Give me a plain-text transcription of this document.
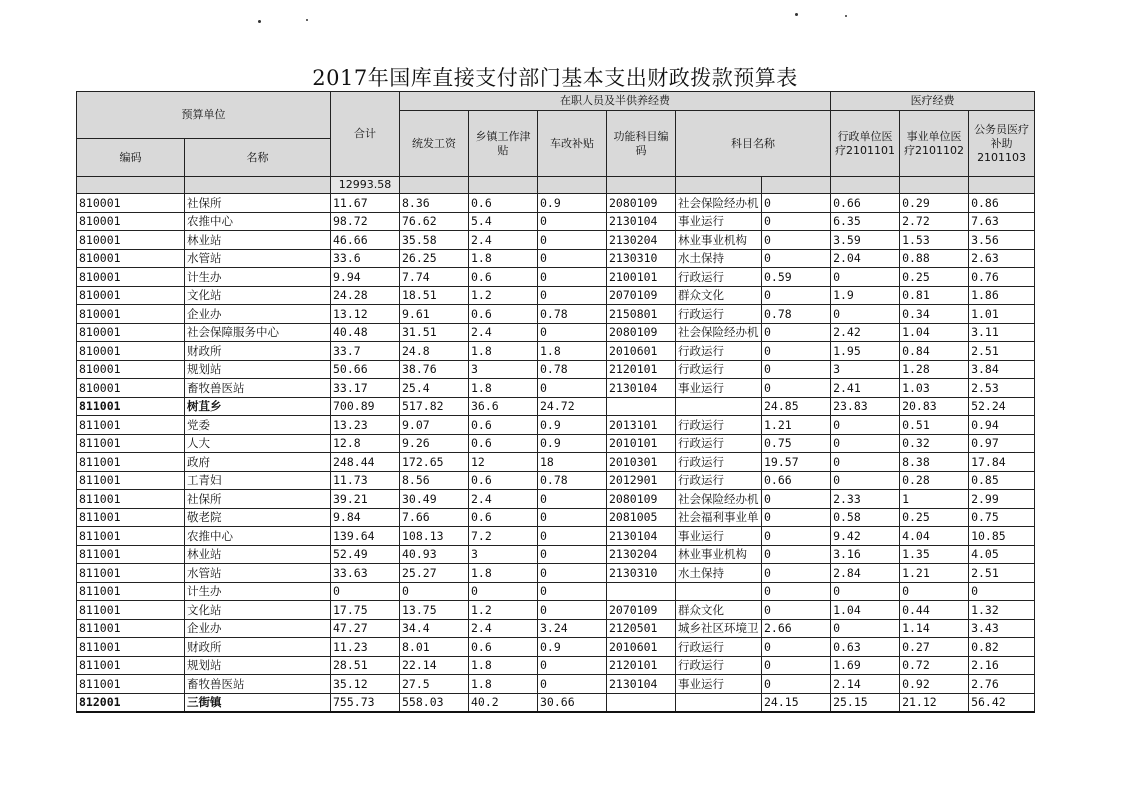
2017年国库直接支付部门基本支出财政拨款预算表
预算单位		合计	在职人员及半供养经费						医疗经费	
			统发工资	乡镇工作津贴	车改补贴	功能科目编码	科目名称		行政单位医疗2101101	事业单位医疗2101102	公务员医疗补助2101103	
编码	名称											
		12993.58										
810001	社保所	11.67	8.36	0.6	0.9	2080109	社会保险经办机	0	0.66	0.29	0.86	
810001	农推中心	98.72	76.62	5.4	0	2130104	事业运行	0	6.35	2.72	7.63	
810001	林业站	46.66	35.58	2.4	0	2130204	林业事业机构	0	3.59	1.53	3.56	
810001	水管站	33.6	26.25	1.8	0	2130310	水土保持	0	2.04	0.88	2.63	
810001	计生办	9.94	7.74	0.6	0	2100101	行政运行	0.59	0	0.25	0.76	
810001	文化站	24.28	18.51	1.2	0	2070109	群众文化	0	1.9	0.81	1.86	
810001	企业办	13.12	9.61	0.6	0.78	2150801	行政运行	0.78	0	0.34	1.01	
810001	社会保障服务中心	40.48	31.51	2.4	0	2080109	社会保险经办机	0	2.42	1.04	3.11	
810001	财政所	33.7	24.8	1.8	1.8	2010601	行政运行	0	1.95	0.84	2.51	
810001	规划站	50.66	38.76	3	0.78	2120101	行政运行	0	3	1.28	3.84	
810001	畜牧兽医站	33.17	25.4	1.8	0	2130104	事业运行	0	2.41	1.03	2.53	
811001	树苴乡	700.89	517.82	36.6	24.72			24.85	23.83	20.83	52.24	
811001	党委	13.23	9.07	0.6	0.9	2013101	行政运行	1.21	0	0.51	0.94	
811001	人大	12.8	9.26	0.6	0.9	2010101	行政运行	0.75	0	0.32	0.97	
811001	政府	248.44	172.65	12	18	2010301	行政运行	19.57	0	8.38	17.84	
811001	工青妇	11.73	8.56	0.6	0.78	2012901	行政运行	0.66	0	0.28	0.85	
811001	社保所	39.21	30.49	2.4	0	2080109	社会保险经办机	0	2.33	1	2.99	
811001	敬老院	9.84	7.66	0.6	0	2081005	社会福利事业单	0	0.58	0.25	0.75	
811001	农推中心	139.64	108.13	7.2	0	2130104	事业运行	0	9.42	4.04	10.85	
811001	林业站	52.49	40.93	3	0	2130204	林业事业机构	0	3.16	1.35	4.05	
811001	水管站	33.63	25.27	1.8	0	2130310	水土保持	0	2.84	1.21	2.51	
811001	计生办	0	0	0	0			0	0	0	0	
811001	文化站	17.75	13.75	1.2	0	2070109	群众文化	0	1.04	0.44	1.32	
811001	企业办	47.27	34.4	2.4	3.24	2120501	城乡社区环境卫	2.66	0	1.14	3.43	
811001	财政所	11.23	8.01	0.6	0.9	2010601	行政运行	0	0.63	0.27	0.82	
811001	规划站	28.51	22.14	1.8	0	2120101	行政运行	0	1.69	0.72	2.16	
811001	畜牧兽医站	35.12	27.5	1.8	0	2130104	事业运行	0	2.14	0.92	2.76	
812001	三街镇	755.73	558.03	40.2	30.66			24.15	25.15	21.12	56.42	
